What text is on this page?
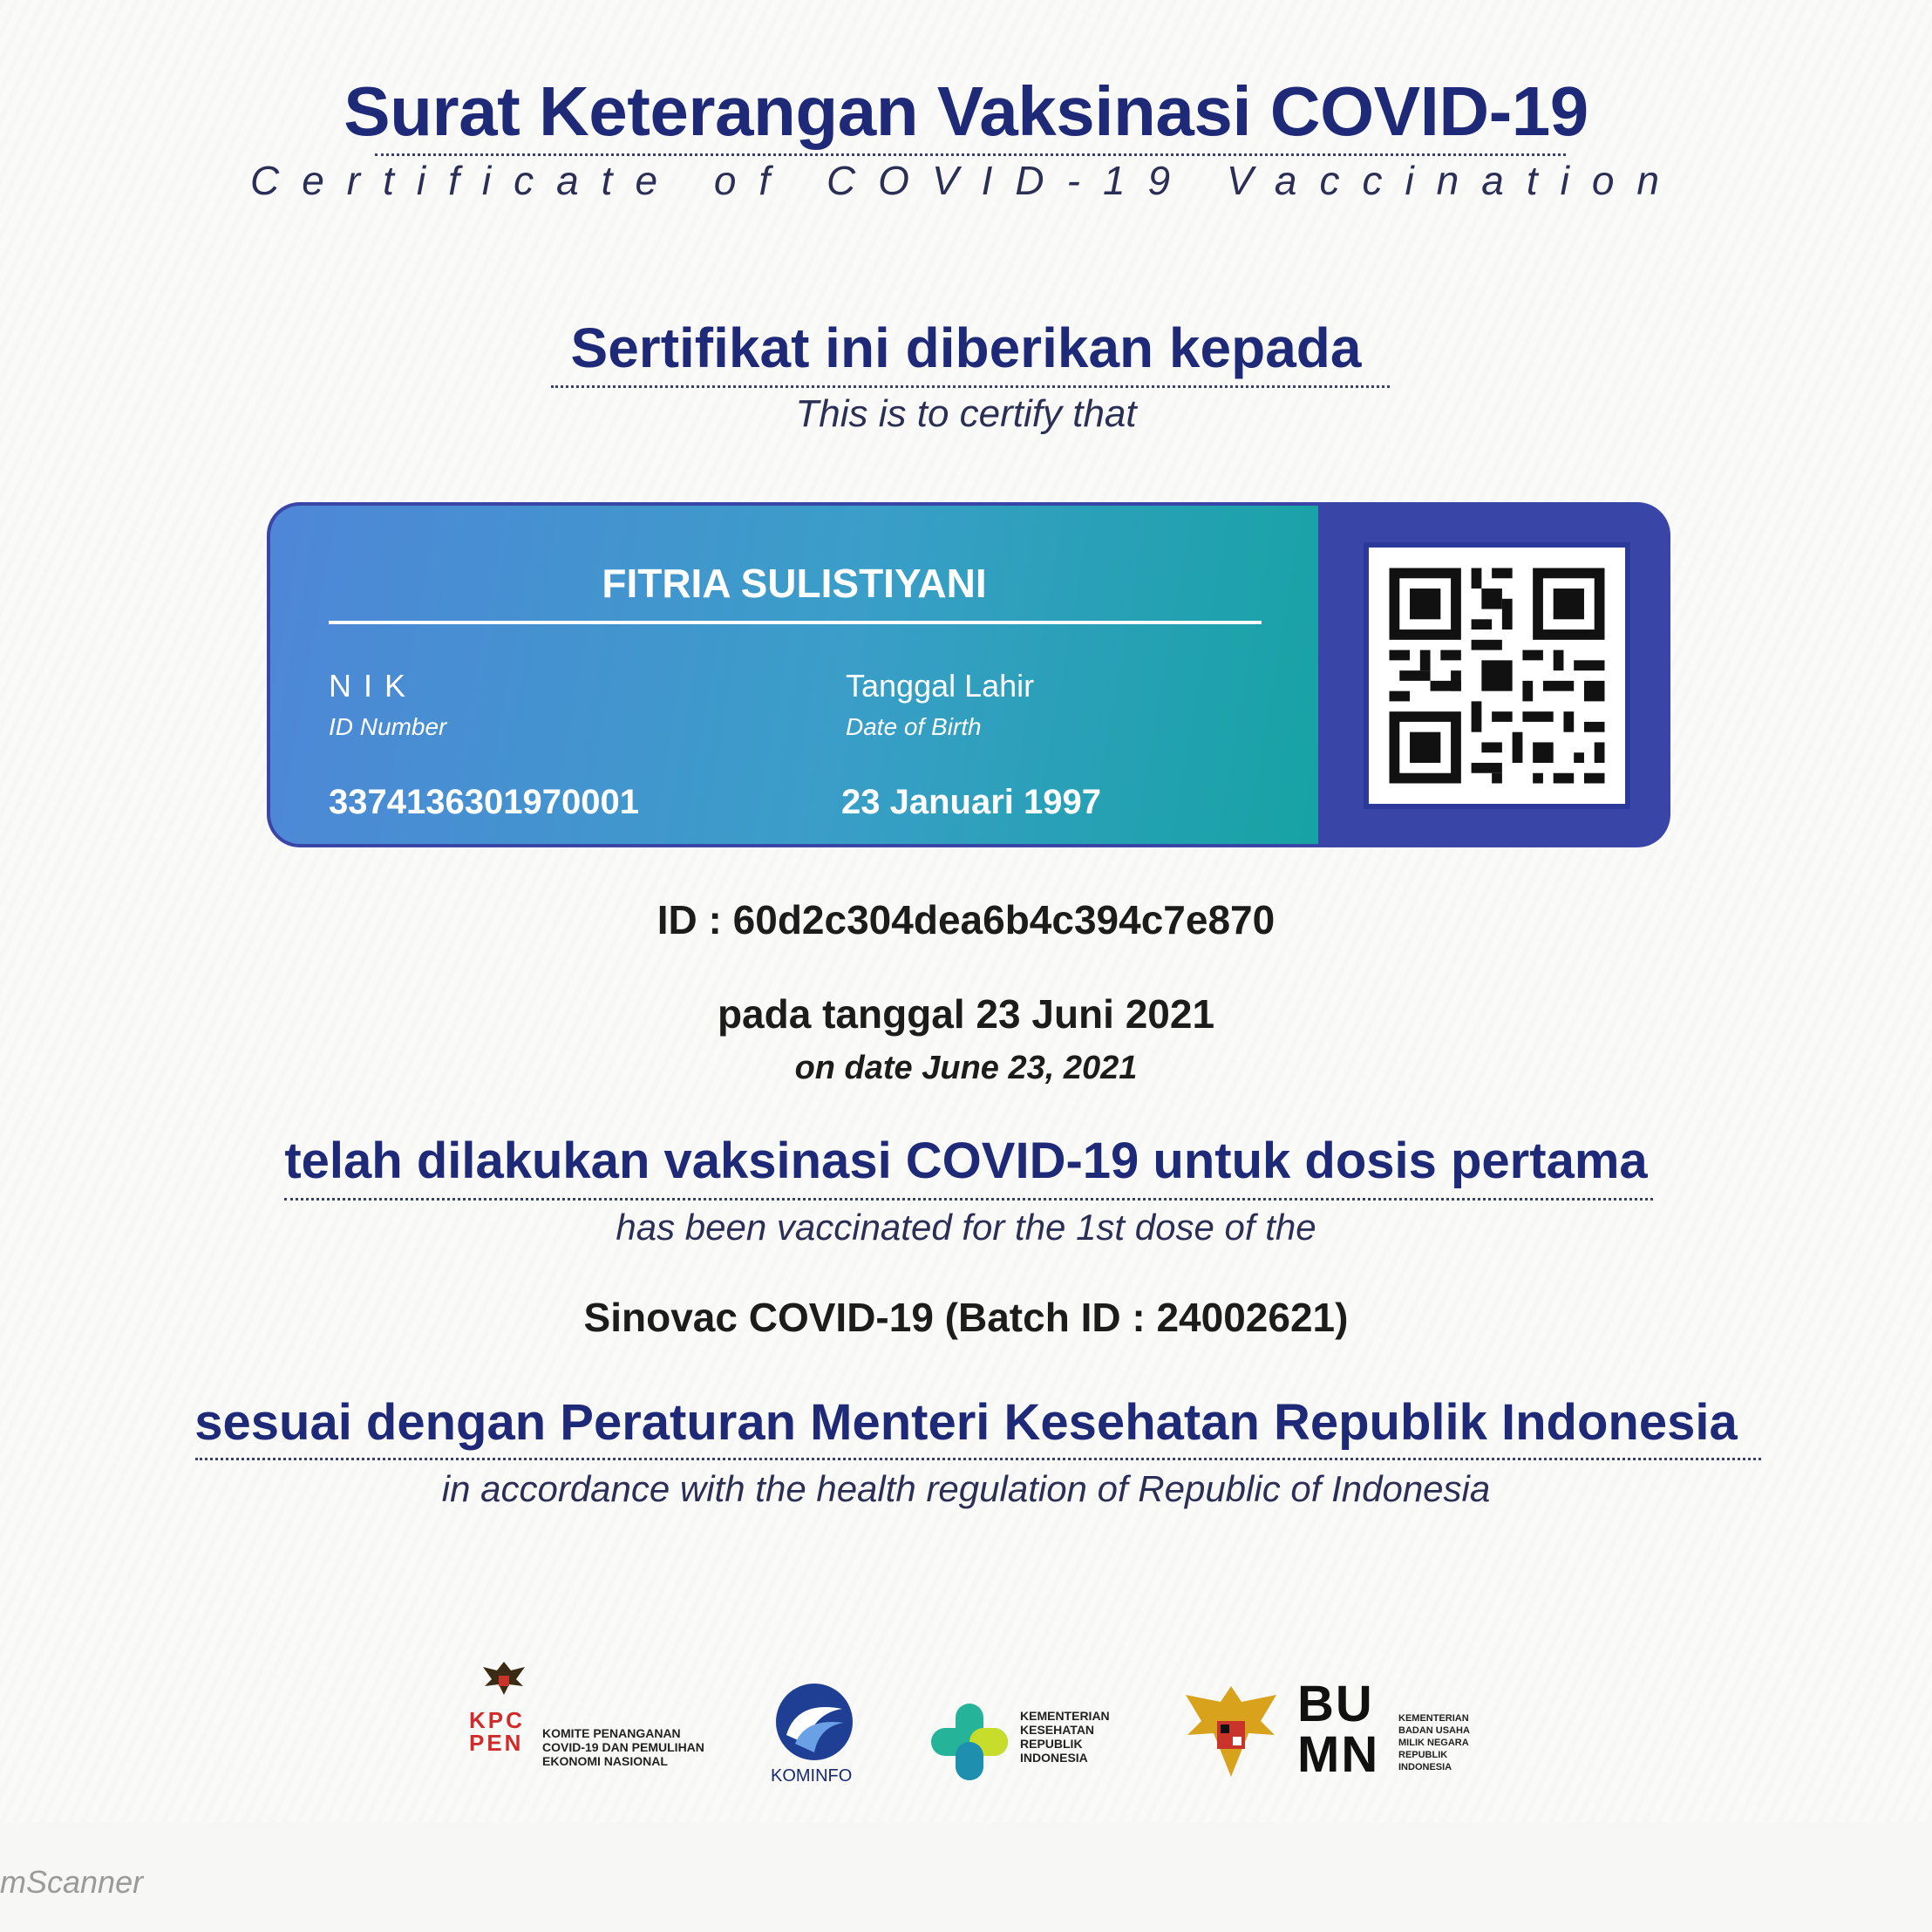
Surat Keterangan Vaksinasi COVID-19
Certificate of COVID-19 Vaccination
Sertifikat ini diberikan kepada
This is to certify that
FITRIA SULISTIYANI
N I K
ID Number
3374136301970001
Tanggal Lahir
Date of Birth
23 Januari 1997
ID : 60d2c304dea6b4c394c7e870
pada tanggal 23 Juni 2021
on date June 23, 2021
telah dilakukan vaksinasi COVID-19 untuk dosis pertama
has been vaccinated for the 1st dose of the
Sinovac COVID-19 (Batch ID : 24002621)
sesuai dengan Peraturan Menteri Kesehatan Republik Indonesia
in accordance with the health regulation of Republic of Indonesia
KPC PEN	KOMITE PENANGANAN
COVID-19 DAN PEMULIHAN
EKONOMI NASIONAL
KOMINFO
KEMENTERIAN
KESEHATAN
REPUBLIK
INDONESIA
BUMN
KEMENTERIAN
BADAN USAHA
MILIK NEGARA
REPUBLIK
INDONESIA
mScanner
